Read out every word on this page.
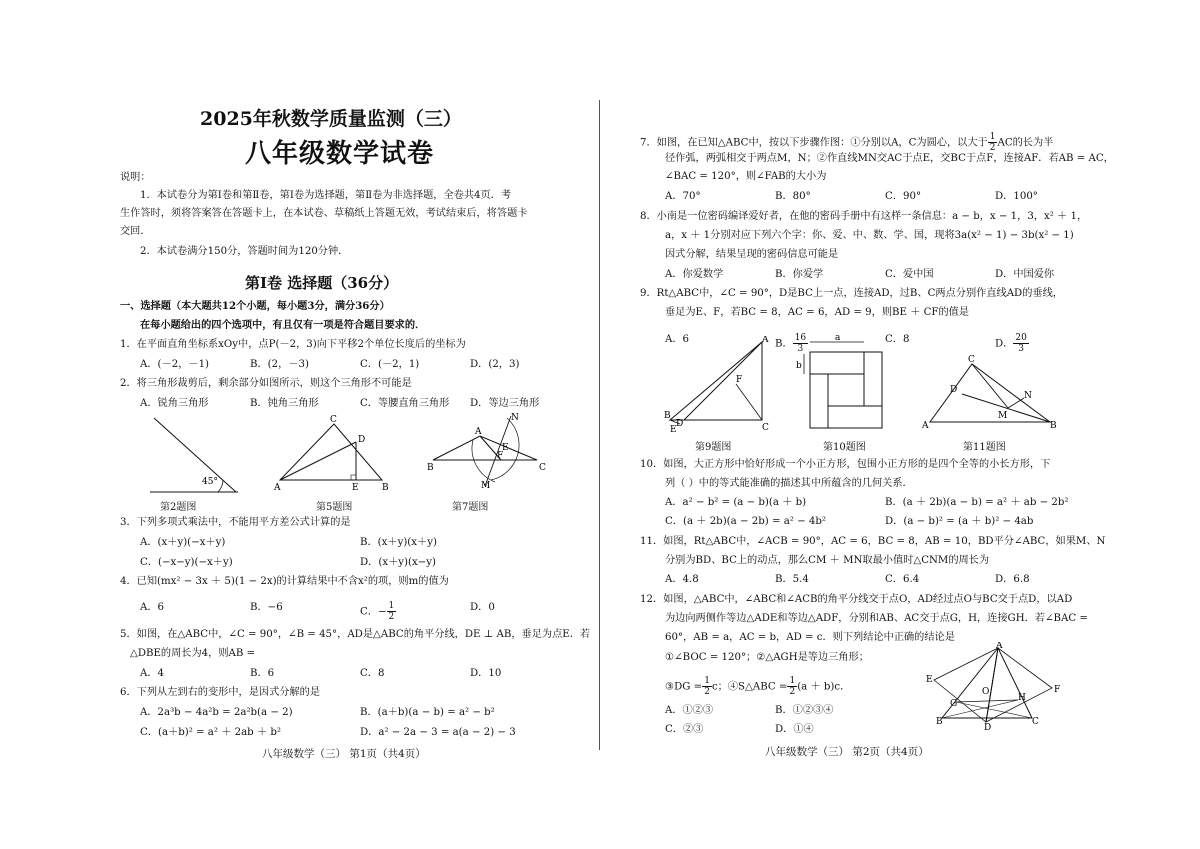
2025年秋数学质量监测（三）
八年级数学试卷
说明：
1．本试卷分为第Ⅰ卷和第Ⅱ卷，第Ⅰ卷为选择题，第Ⅱ卷为非选择题，全卷共4页．考
生作答时，须将答案答在答题卡上，在本试卷、草稿纸上答题无效，考试结束后，将答题卡
交回．
2．本试卷满分150分，答题时间为120分钟．
第Ⅰ卷 选择题（36分）
一、选择题（本大题共12个小题，每小题3分，满分36分）
在每小题给出的四个选项中，有且仅有一项是符合题目要求的．
1．在平面直角坐标系xOy中，点P(－2，3)向下平移2个单位长度后的坐标为
A．(－2，－1)	B．(2，－3)	C．(－2，1)	D．(2，3)
2．将三角形裁剪后，剩余部分如图所示，则这个三角形不可能是
A．锐角三角形	B．钝角三角形	C．等腰直角三角形 D．等边三角形
45°
第2题图
C
D
A	E	B
第5题图
A
N
E
F
B	C
M
第7题图
3．下列多项式乘法中，不能用平方差公式计算的是
A．(x＋y)(−x＋y)	B．(x＋y)(x＋y)
C．(−x−y)(−x＋y)	D．(x＋y)(x−y)
4．已知(mx² − 3x ＋ 5)(1 − 2x)的计算结果中不含x²的项，则m的值为
A．6	B．−6	C．− $\frac{1}{2}$	D．0
5．如图，在△ABC中，∠C = 90°，∠B = 45°，AD是△ABC的角平分线，DE ⊥ AB，垂足为点E．若
△DBE的周长为4，则AB =
A．4	B．6	C．8	D．10
6．下列从左到右的变形中，是因式分解的是
A．2a³b − 4a²b = 2a²b(a − 2)	B．(a＋b)(a − b) = a² − b²
C．(a＋b)² = a² ＋ 2ab ＋ b²	D．a² − 2a − 3 = a(a − 2) − 3
八年级数学（三） 第1页（共4页）
7．如图，在已知△ABC中，按以下步骤作图：①分别以A，C为圆心，以大于 $\frac{1}{2}$ AC的长为半
径作弧，两弧相交于两点M，N；②作直线MN交AC于点E，交BC于点F，连接AF．若AB = AC，
∠BAC = 120°，则∠FAB的大小为
A．70°	B．80°	C．90°	D．100°
8．小南是一位密码编译爱好者，在他的密码手册中有这样一条信息：a − b，x − 1，3，x² ＋ 1，
a，x ＋ 1分别对应下列六个字：你、爱、中、数、学、国，现将3a(x² − 1) − 3b(x² − 1)
因式分解，结果呈现的密码信息可能是
A．你爱数学	B．你爱学	C．爱中国	D．中国爱你
9．Rt△ABC中，∠C = 90°，D是BC上一点，连接AD，过B、C两点分别作直线AD的垂线，
垂足为E、F，若BC = 8，AC = 6，AD = 9，则BE ＋ CF的值是
A．6	B． $\frac{16}{3}$	C．8	D． $\frac{20}{3}$
A
F
B
D
E	C
第9题图
a
b
第10题图
C
D
N
M
A	B
第11题图
10．如图，大正方形中恰好形成一个小正方形，包围小正方形的是四个全等的小长方形，下
列（ ）中的等式能准确的描述其中所蕴含的几何关系．
A．a² − b² = (a − b)(a ＋ b)	B．(a ＋ 2b)(a − b) = a² ＋ ab − 2b²
C．(a ＋ 2b)(a − 2b) = a² − 4b²	D．(a − b)² = (a ＋ b)² − 4ab
11．如图，Rt△ABC中，∠ACB = 90°，AC = 6，BC = 8，AB = 10，BD平分∠ABC，如果M、N
分别为BD、BC上的动点，那么CM ＋ MN取最小值时△CNM的周长为
A．4.8	B．5.4	C．6.4	D．6.8
12．如图，△ABC中，∠ABC和∠ACB的角平分线交于点O，AD经过点O与BC交于点D，以AD
为边向两侧作等边△ADE和等边△ADF，分别和AB、AC交于点G，H，连接GH．若∠BAC =
60°，AB = a，AC = b，AD = c．则下列结论中正确的结论是
①∠BOC = 120°；②△AGH是等边三角形；
③DG = $\frac{1}{2}$ c；④S△ABC = $\frac{1}{2} (a + b)c$．
A．①②③	B．①②③④
C．②③	D．①④
A
E
F
O
G
H
B	C
D
八年级数学（三） 第2页（共4页）
